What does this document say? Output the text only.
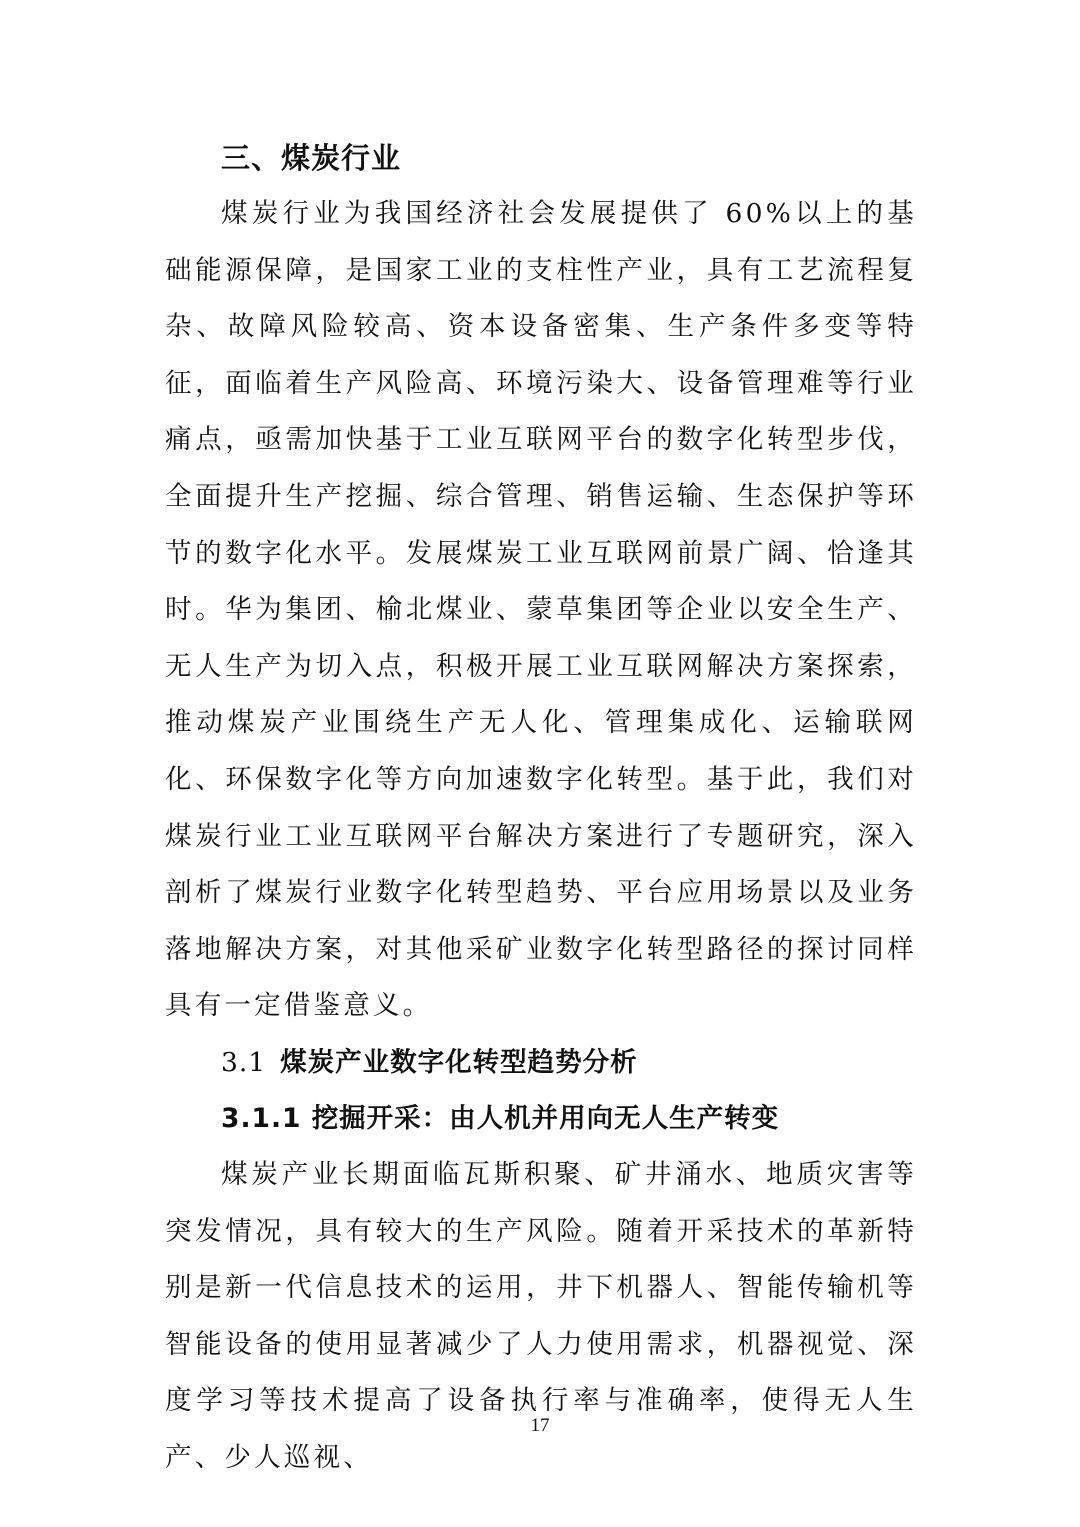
三、煤炭行业

煤炭行业为我国经济社会发展提供了 60%以上的基础能源保障，是国家工业的支柱性产业，具有工艺流程复杂、故障风险较高、资本设备密集、生产条件多变等特征，面临着生产风险高、环境污染大、设备管理难等行业痛点，亟需加快基于工业互联网平台的数字化转型步伐，全面提升生产挖掘、综合管理、销售运输、生态保护等环节的数字化水平。发展煤炭工业互联网前景广阔、恰逢其时。华为集团、榆北煤业、蒙草集团等企业以安全生产、无人生产为切入点，积极开展工业互联网解决方案探索，推动煤炭产业围绕生产无人化、管理集成化、运输联网化、环保数字化等方向加速数字化转型。基于此，我们对煤炭行业工业互联网平台解决方案进行了专题研究，深入剖析了煤炭行业数字化转型趋势、平台应用场景以及业务落地解决方案，对其他采矿业数字化转型路径的探讨同样具有一定借鉴意义。

3.1 煤炭产业数字化转型趋势分析
3.1.1 挖掘开采：由人机并用向无人生产转变

煤炭产业长期面临瓦斯积聚、矿井涌水、地质灾害等突发情况，具有较大的生产风险。随着开采技术的革新特别是新一代信息技术的运用，井下机器人、智能传输机等智能设备的使用显著减少了人力使用需求，机器视觉、深度学习等技术提高了设备执行率与准确率，使得无人生产、少人巡视、

17
